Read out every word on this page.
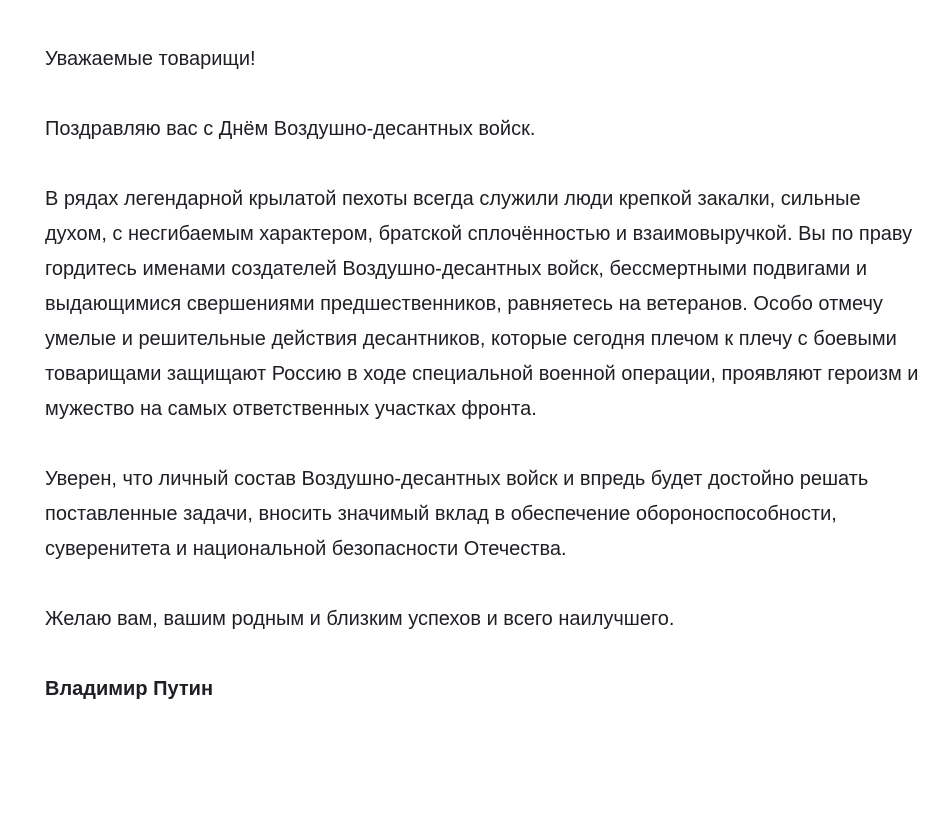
Уважаемые товарищи!

Поздравляю вас с Днём Воздушно-десантных войск.

В рядах легендарной крылатой пехоты всегда служили люди крепкой закалки, сильные духом, с несгибаемым характером, братской сплочённостью и взаимовыручкой. Вы по праву гордитесь именами создателей Воздушно-десантных войск, бессмертными подвигами и выдающимися свершениями предшественников, равняетесь на ветеранов. Особо отмечу умелые и решительные действия десантников, которые сегодня плечом к плечу с боевыми товарищами защищают Россию в ходе специальной военной операции, проявляют героизм и мужество на самых ответственных участках фронта.

Уверен, что личный состав Воздушно-десантных войск и впредь будет достойно решать поставленные задачи, вносить значимый вклад в обеспечение обороноспособности, суверенитета и национальной безопасности Отечества.

Желаю вам, вашим родным и близким успехов и всего наилучшего.

Владимир Путин
